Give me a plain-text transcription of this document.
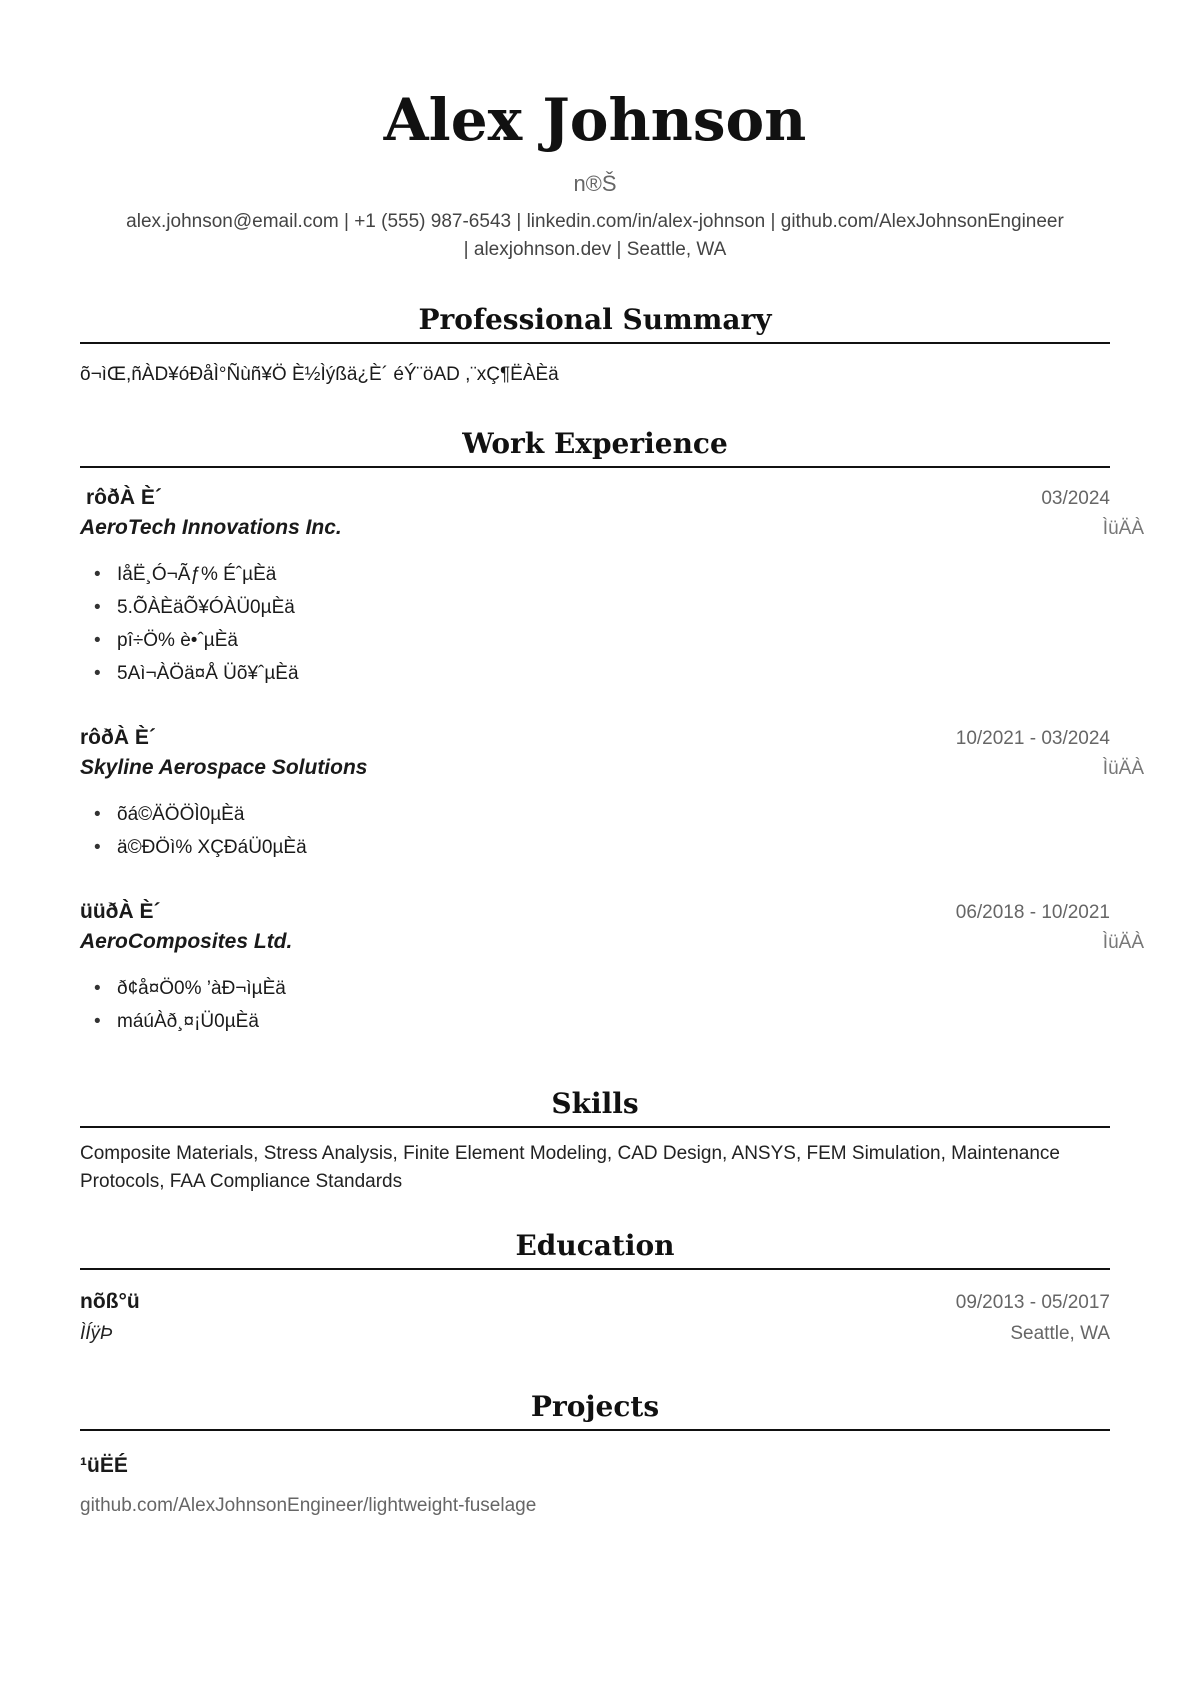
Alex Johnson
n®Š
alex.johnson@email.com | +1 (555) 987-6543 | linkedin.com/in/alex-johnson | github.com/AlexJohnsonEngineer
| alexjohnson.dev | Seattle, WA
Professional Summary
õ¬ìŒ,ñÀD¥óÐåÌ°Ñùñ¥Ö È½Ìýßä¿È´ éÝ¨öAD ,¨xÇ¶ËÀÈä
Work Experience
rôðÀ È´	03/2024
AeroTech Innovations Inc.	ÌüÄÀ
• IåË¸Ó¬Ãƒ% ÉˆµÈä
• 5.ÕÀÈäÕ¥ÓÀÜ0µÈä
• pî÷Ö% è•ˆµÈä
• 5Aì¬ÀÖä¤Å Üõ¥ˆµÈä
rôðÀ È´	10/2021 - 03/2024
Skyline Aerospace Solutions	ÌüÄÀ
• õá©ÄÖÖÌ0µÈä
• ä©ÐÖì% XÇÐáÜ0µÈä
üüðÀ È´	06/2018 - 10/2021
AeroComposites Ltd.	ÌüÄÀ
• ð¢å¤Ö0% ’àÐ¬ìµÈä
• máúÀð¸¤¡Ü0µÈä
Skills
Composite Materials, Stress Analysis, Finite Element Modeling, CAD Design, ANSYS, FEM Simulation, Maintenance Protocols, FAA Compliance Standards
Education
nõß°ü	09/2013 - 05/2017
ÌÍÿÞ	Seattle, WA
Projects
¹üËÉ
github.com/AlexJohnsonEngineer/lightweight-fuselage
